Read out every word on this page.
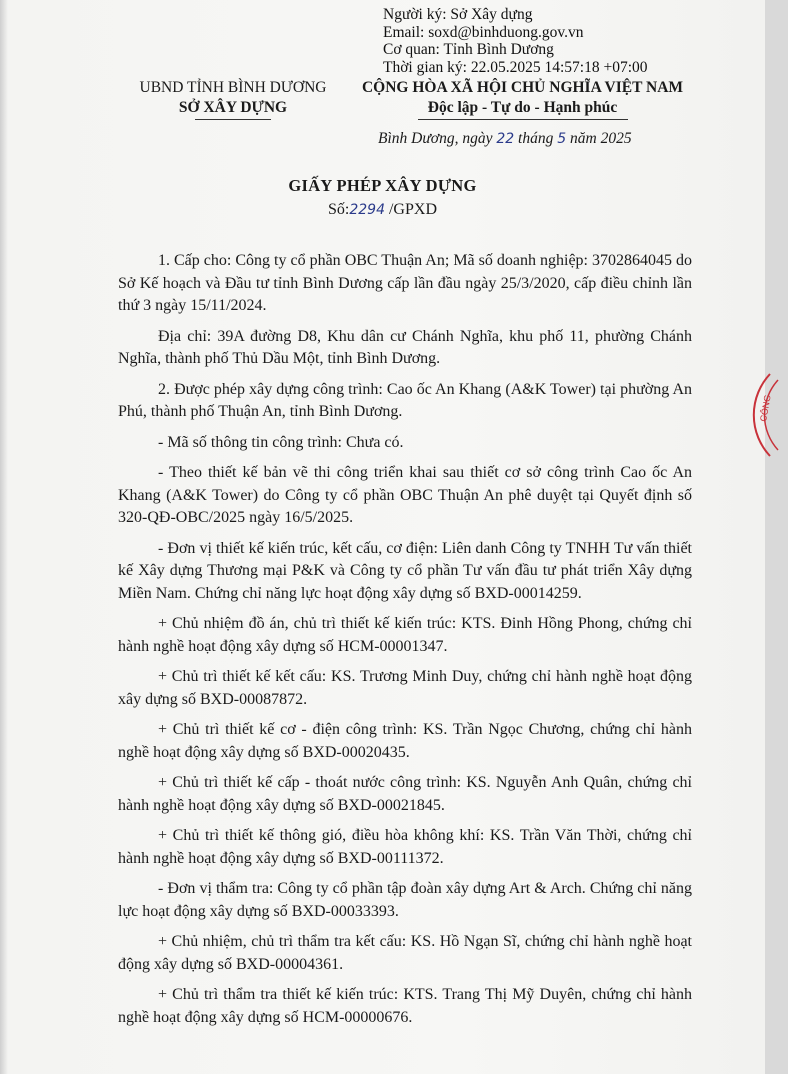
Người ký: Sở Xây dựng
Email: soxd@binhduong.gov.vn
Cơ quan: Tỉnh Bình Dương
Thời gian ký: 22.05.2025 14:57:18 +07:00
UBND TỈNH BÌNH DƯƠNG
SỞ XÂY DỰNG
CỘNG HÒA XÃ HỘI CHỦ NGHĨA VIỆT NAM
Độc lập - Tự do - Hạnh phúc
Bình Dương, ngày 22 tháng 5 năm 2025
GIẤY PHÉP XÂY DỰNG
Số:2294 /GPXD

1. Cấp cho: Công ty cổ phần OBC Thuận An; Mã số doanh nghiệp: 3702864045 do Sở Kế hoạch và Đầu tư tỉnh Bình Dương cấp lần đầu ngày 25/3/2020, cấp điều chỉnh lần thứ 3 ngày 15/11/2024.

Địa chỉ: 39A đường D8, Khu dân cư Chánh Nghĩa, khu phố 11, phường Chánh Nghĩa, thành phố Thủ Dầu Một, tỉnh Bình Dương.

2. Được phép xây dựng công trình: Cao ốc An Khang (A&K Tower) tại phường An Phú, thành phố Thuận An, tỉnh Bình Dương.

- Mã số thông tin công trình: Chưa có.

- Theo thiết kế bản vẽ thi công triển khai sau thiết cơ sở công trình Cao ốc An Khang (A&K Tower) do Công ty cổ phần OBC Thuận An phê duyệt tại Quyết định số 320-QĐ-OBC/2025 ngày 16/5/2025.

- Đơn vị thiết kế kiến trúc, kết cấu, cơ điện: Liên danh Công ty TNHH Tư vấn thiết kế Xây dựng Thương mại P&K và Công ty cổ phần Tư vấn đầu tư phát triển Xây dựng Miền Nam. Chứng chỉ năng lực hoạt động xây dựng số BXD-00014259.

+ Chủ nhiệm đồ án, chủ trì thiết kế kiến trúc: KTS. Đinh Hồng Phong, chứng chỉ hành nghề hoạt động xây dựng số HCM-00001347.

+ Chủ trì thiết kế kết cấu: KS. Trương Minh Duy, chứng chỉ hành nghề hoạt động xây dựng số BXD-00087872.

+ Chủ trì thiết kế cơ - điện công trình: KS. Trần Ngọc Chương, chứng chỉ hành nghề hoạt động xây dựng số BXD-00020435.

+ Chủ trì thiết kế cấp - thoát nước công trình: KS. Nguyễn Anh Quân, chứng chỉ hành nghề hoạt động xây dựng số BXD-00021845.

+ Chủ trì thiết kế thông gió, điều hòa không khí: KS. Trần Văn Thời, chứng chỉ hành nghề hoạt động xây dựng số BXD-00111372.

- Đơn vị thẩm tra: Công ty cổ phần tập đoàn xây dựng Art & Arch. Chứng chỉ năng lực hoạt động xây dựng số BXD-00033393.

+ Chủ nhiệm, chủ trì thẩm tra kết cấu: KS. Hồ Ngạn Sĩ, chứng chỉ hành nghề hoạt động xây dựng số BXD-00004361.

+ Chủ trì thẩm tra thiết kế kiến trúc: KTS. Trang Thị Mỹ Duyên, chứng chỉ hành nghề hoạt động xây dựng số HCM-00000676.

CÔNG
